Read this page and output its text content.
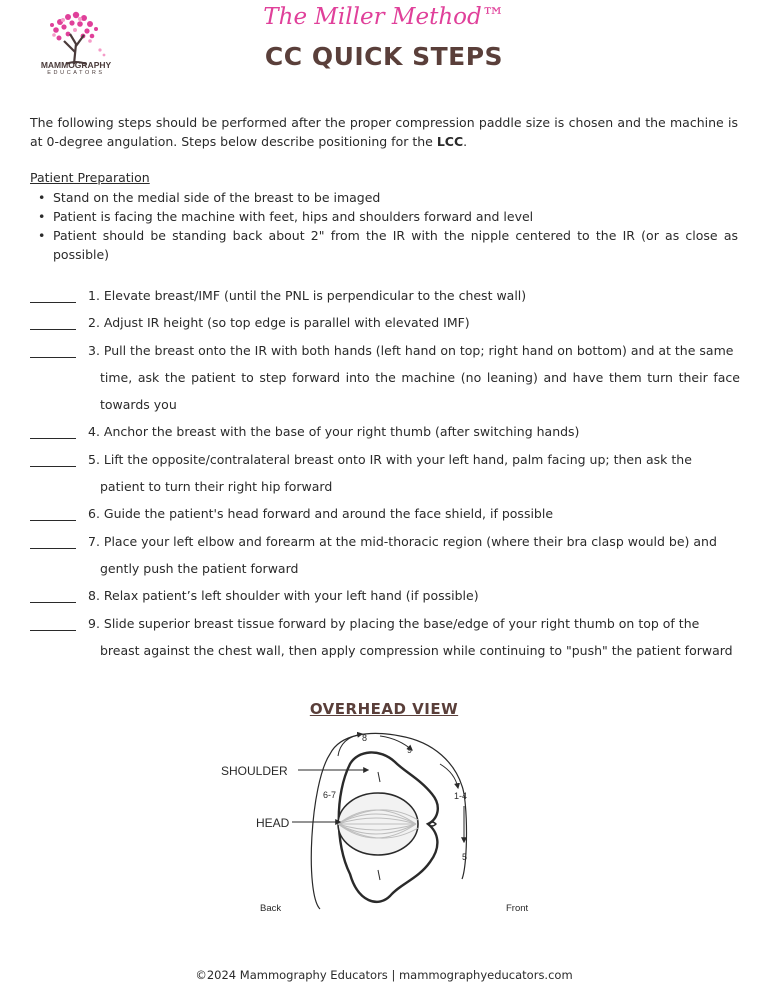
MAMMOGRAPHY
EDUCATORS
The Miller Method™
CC QUICK STEPS
The following steps should be performed after the proper compression paddle size is chosen and the machine is at 0-degree angulation. Steps below describe positioning for the LCC.
Patient Preparation
• Stand on the medial side of the breast to be imaged
• Patient is facing the machine with feet, hips and shoulders forward and level
• Patient should be standing back about 2" from the IR with the nipple centered to the IR (or as close as possible)
1. Elevate breast/IMF (until the PNL is perpendicular to the chest wall)
2. Adjust IR height (so top edge is parallel with elevated IMF)
3. Pull the breast onto the IR with both hands (left hand on top; right hand on bottom) and at the same
time, ask the patient to step forward into the machine (no leaning) and have them turn their face towards you
4. Anchor the breast with the base of your right thumb (after switching hands)
5. Lift the opposite/contralateral breast onto IR with your left hand, palm facing up; then ask the
patient to turn their right hip forward
6. Guide the patient's head forward and around the face shield, if possible
7. Place your left elbow and forearm at the mid-thoracic region (where their bra clasp would be) and
gently push the patient forward
8. Relax patient’s left shoulder with your left hand (if possible)
9. Slide superior breast tissue forward by placing the base/edge of your right thumb on top of the
breast against the chest wall, then apply compression while continuing to "push" the patient forward
OVERHEAD VIEW
SHOULDER
HEAD
8
9
6-7	1-4
5
Back	Front
©2024 Mammography Educators | mammographyeducators.com
